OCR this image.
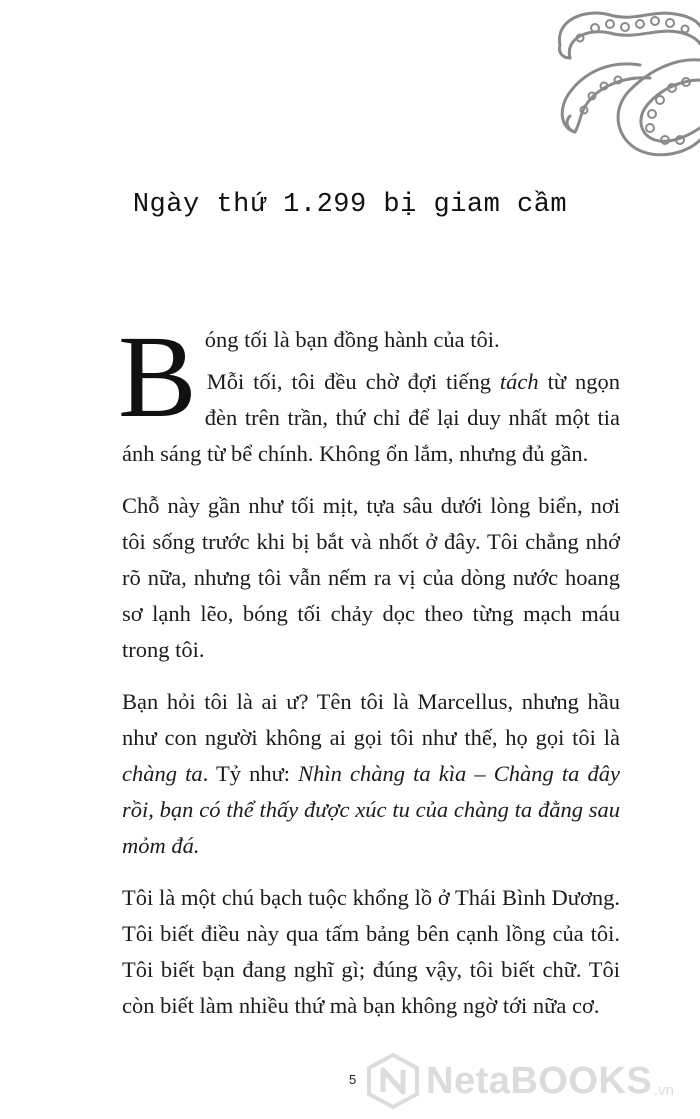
Ngày thứ 1.299 bị giam cầm

Bóng tối là bạn đồng hành của tôi.

Mỗi tối, tôi đều chờ đợi tiếng tách từ ngọn đèn trên trần, thứ chỉ để lại duy nhất một tia ánh sáng từ bể chính. Không ổn lắm, nhưng đủ gần.

Chỗ này gần như tối mịt, tựa sâu dưới lòng biển, nơi tôi sống trước khi bị bắt và nhốt ở đây. Tôi chẳng nhớ rõ nữa, nhưng tôi vẫn nếm ra vị của dòng nước hoang sơ lạnh lẽo, bóng tối chảy dọc theo từng mạch máu trong tôi.

Bạn hỏi tôi là ai ư? Tên tôi là Marcellus, nhưng hầu như con người không ai gọi tôi như thế, họ gọi tôi là chàng ta. Tỷ như: Nhìn chàng ta kìa – Chàng ta đây rồi, bạn có thể thấy được xúc tu của chàng ta đằng sau mỏm đá.

Tôi là một chú bạch tuộc khổng lồ ở Thái Bình Dương. Tôi biết điều này qua tấm bảng bên cạnh lồng của tôi. Tôi biết bạn đang nghĩ gì; đúng vậy, tôi biết chữ. Tôi còn biết làm nhiều thứ mà bạn không ngờ tới nữa cơ.

5 NetaBOOKS .vn
